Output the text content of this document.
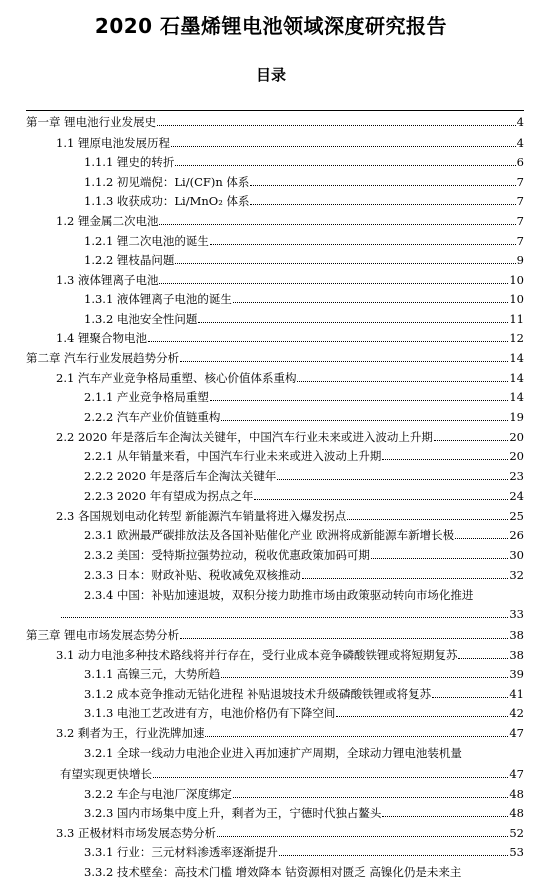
2020 石墨烯锂电池领域深度研究报告
目录
第一章 锂电池行业发展史	4
1.1 锂原电池发展历程	4
1.1.1 锂史的转折	6
1.1.2 初见端倪：Li/(CF)n 体系	7
1.1.3 收获成功：Li/MnO₂ 体系	7
1.2 锂金属二次电池	7
1.2.1 锂二次电池的诞生	7
1.2.2 锂枝晶问题	9
1.3 液体锂离子电池	10
1.3.1 液体锂离子电池的诞生	10
1.3.2 电池安全性问题	11
1.4 锂聚合物电池	12
第二章 汽车行业发展趋势分析	14
2.1 汽车产业竞争格局重塑、核心价值体系重构	14
2.1.1 产业竞争格局重塑	14
2.2.2 汽车产业价值链重构	19
2.2 2020 年是落后车企淘汰关键年，中国汽车行业未来或进入波动上升期	20
2.2.1 从年销量来看，中国汽车行业未来或进入波动上升期	20
2.2.2 2020 年是落后车企淘汰关键年	23
2.2.3 2020 年有望成为拐点之年	24
2.3 各国规划电动化转型 新能源汽车销量将进入爆发拐点	25
2.3.1 欧洲最严碳排放法及各国补贴催化产业 欧洲将成新能源车新增长极	26
2.3.2 美国：受特斯拉强势拉动，税收优惠政策加码可期	30
2.3.3 日本：财政补贴、税收减免双核推动	32
2.3.4 中国：补贴加速退坡，双积分接力助推市场由政策驱动转向市场化推进
33
第三章 锂电市场发展态势分析	38
3.1 动力电池多种技术路线将并行存在，受行业成本竞争磷酸铁锂或将短期复苏	38
3.1.1 高镍三元，大势所趋	39
3.1.2 成本竞争推动无钴化进程 补贴退坡技术升级磷酸铁锂或将复苏	41
3.1.3 电池工艺改进有方，电池价格仍有下降空间	42
3.2 剩者为王，行业洗牌加速	47
3.2.1 全球一线动力电池企业进入再加速扩产周期，全球动力锂电池装机量
有望实现更快增长	47
3.2.2 车企与电池厂深度绑定	48
3.2.3 国内市场集中度上升，剩者为王，宁德时代独占鳌头	48
3.3 正极材料市场发展态势分析	52
3.3.1 行业：三元材料渗透率逐渐提升	53
3.3.2 技术壁垒：高技术门槛 增效降本 钴资源相对匮乏 高镍化仍是未来主
